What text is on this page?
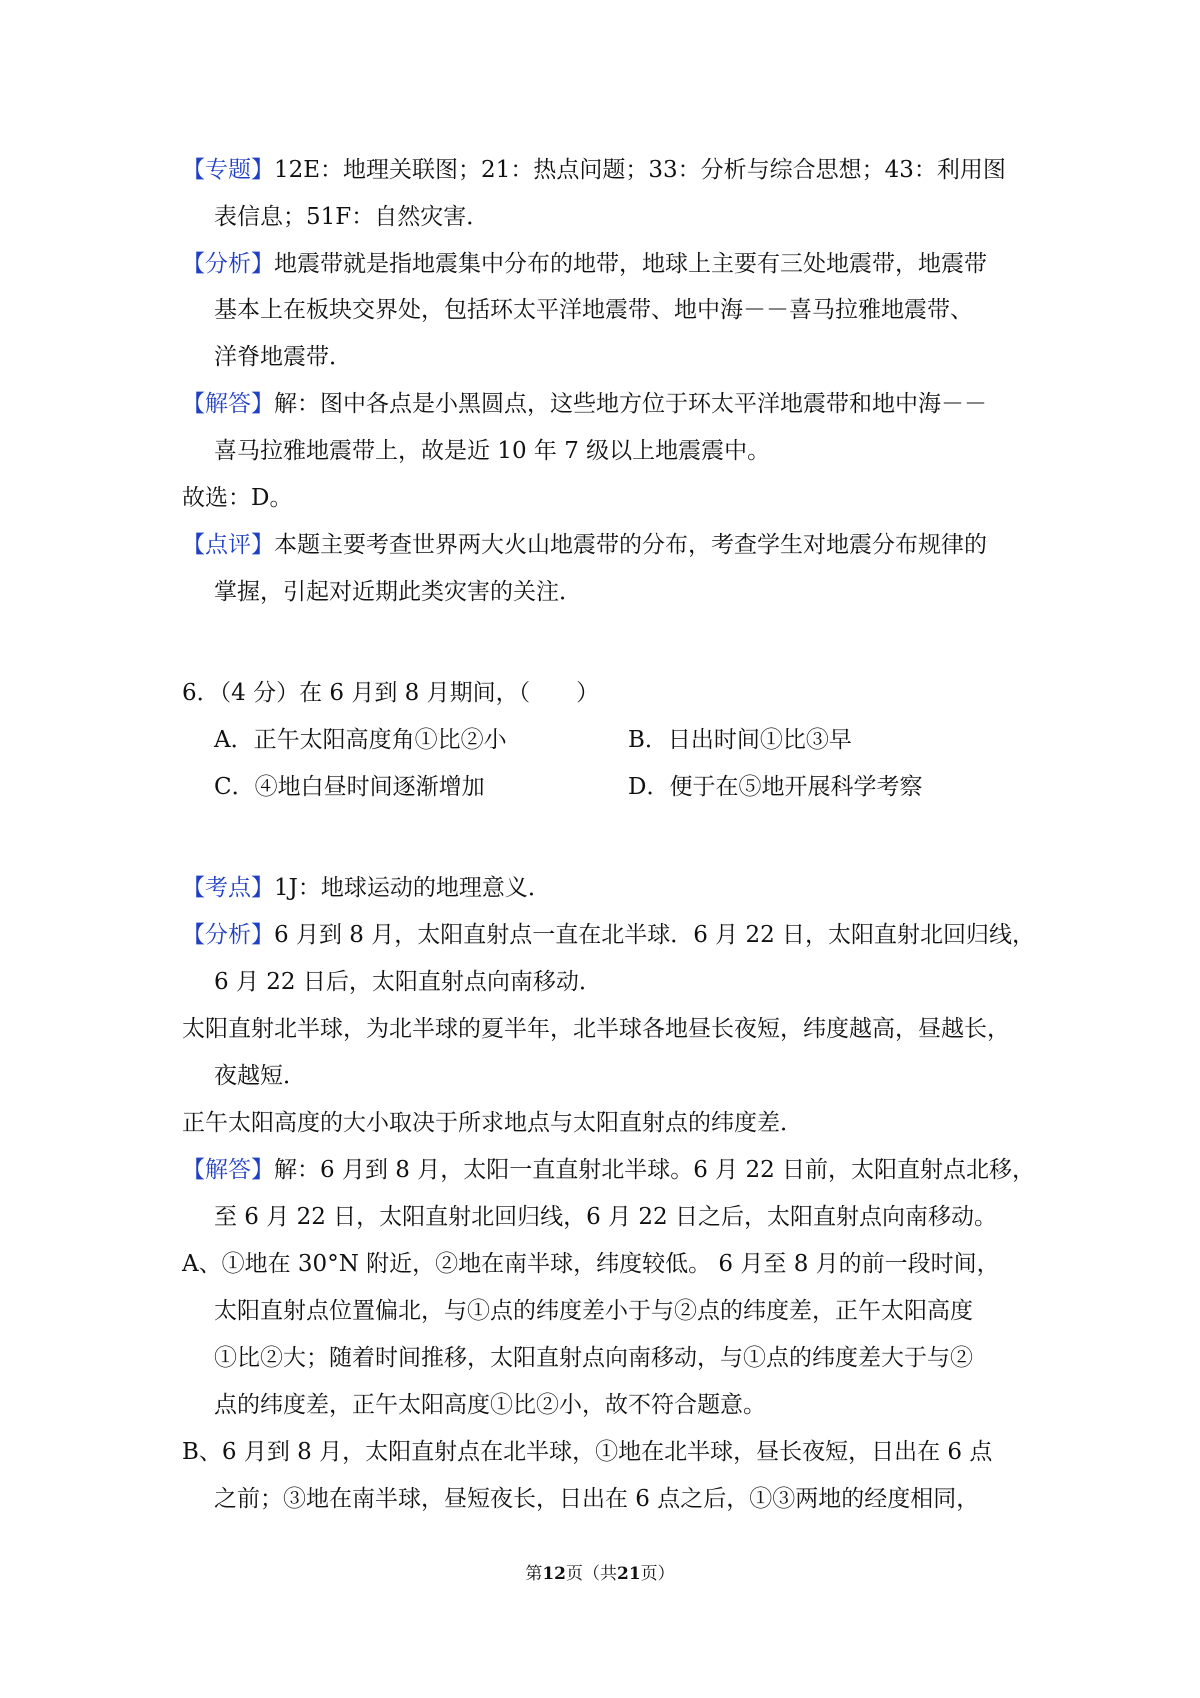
【专题】12E：地理关联图；21：热点问题；33：分析与综合思想；43：利用图
表信息；51F：自然灾害．
【分析】地震带就是指地震集中分布的地带，地球上主要有三处地震带，地震带
基本上在板块交界处，包括环太平洋地震带、地中海－－喜马拉雅地震带、
洋脊地震带．
【解答】解：图中各点是小黑圆点，这些地方位于环太平洋地震带和地中海－－
喜马拉雅地震带上，故是近 10 年 7 级以上地震震中。
故选：D。
【点评】本题主要考查世界两大火山地震带的分布，考查学生对地震分布规律的
掌握，引起对近期此类灾害的关注．
6．（4 分）在 6 月到 8 月期间，（　　）
A．正午太阳高度角①比②小	B．日出时间①比③早
C．④地白昼时间逐渐增加	D．便于在⑤地开展科学考察
【考点】1J：地球运动的地理意义．
【分析】6 月到 8 月，太阳直射点一直在北半球．6 月 22 日，太阳直射北回归线，
6 月 22 日后，太阳直射点向南移动．
太阳直射北半球，为北半球的夏半年，北半球各地昼长夜短，纬度越高，昼越长，
夜越短．
正午太阳高度的大小取决于所求地点与太阳直射点的纬度差．
【解答】解：6 月到 8 月，太阳一直直射北半球。6 月 22 日前，太阳直射点北移，
至 6 月 22 日，太阳直射北回归线，6 月 22 日之后，太阳直射点向南移动。
A、①地在 30°N 附近，②地在南半球，纬度较低。 6 月至 8 月的前一段时间，
太阳直射点位置偏北，与①点的纬度差小于与②点的纬度差，正午太阳高度
①比②大；随着时间推移，太阳直射点向南移动，与①点的纬度差大于与②
点的纬度差，正午太阳高度①比②小，故不符合题意。
B、6 月到 8 月，太阳直射点在北半球，①地在北半球，昼长夜短，日出在 6 点
之前；③地在南半球，昼短夜长，日出在 6 点之后，①③两地的经度相同，
第12页（共21页）
